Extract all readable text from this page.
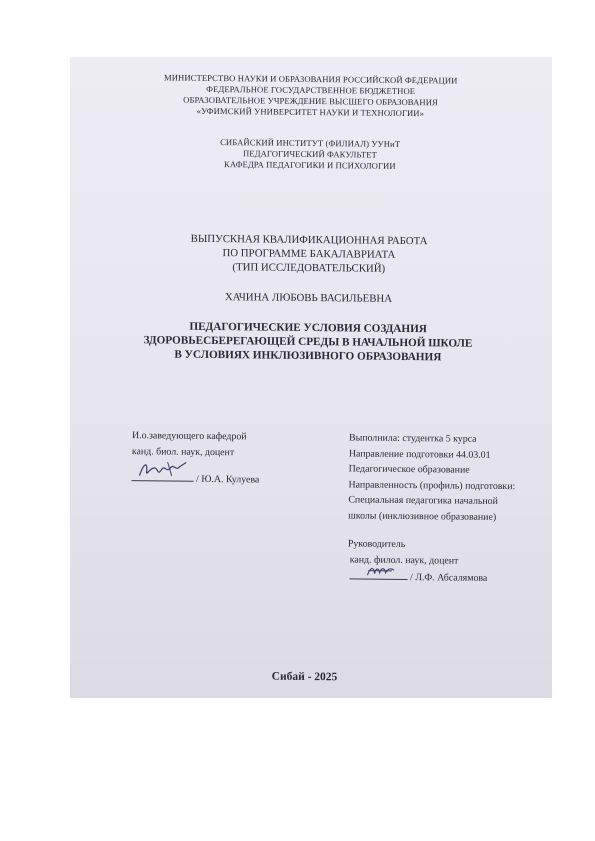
МИНИСТЕРСТВО НАУКИ И ОБРАЗОВАНИЯ РОССИЙСКОЙ ФЕДЕРАЦИИ
ФЕДЕРАЛЬНОЕ ГОСУДАРСТВЕННОЕ БЮДЖЕТНОЕ
ОБРАЗОВАТЕЛЬНОЕ УЧРЕЖДЕНИЕ ВЫСШЕГО ОБРАЗОВАНИЯ
«УФИМСКИЙ УНИВЕРСИТЕТ НАУКИ И ТЕХНОЛОГИИ»
СИБАЙСКИЙ ИНСТИТУТ (ФИЛИАЛ) УУНиТ
ПЕДАГОГИЧЕСКИЙ ФАКУЛЬТЕТ
КАФЕДРА ПЕДАГОГИКИ И ПСИХОЛОГИИ
ВЫПУСКНАЯ КВАЛИФИКАЦИОННАЯ РАБОТА
ПО ПРОГРАММЕ БАКАЛАВРИАТА
(ТИП ИССЛЕДОВАТЕЛЬСКИЙ)
ХАЧИНА ЛЮБОВЬ ВАСИЛЬЕВНА
ПЕДАГОГИЧЕСКИЕ УСЛОВИЯ СОЗДАНИЯ
ЗДОРОВЬЕСБЕРЕГАЮЩЕЙ СРЕДЫ В НАЧАЛЬНОЙ ШКОЛЕ
В УСЛОВИЯХ ИНКЛЮЗИВНОГО ОБРАЗОВАНИЯ
И.о.заведующего кафедрой
канд. биол. наук, доцент
/ Ю.А. Кулуева
Выполнила: студентка 5 курса
Направление подготовки 44.03.01
Педагогическое образование
Направленность (профиль) подготовки:
Специальная педагогика начальной
школы (инклюзивное образование)
Руководитель
канд. филол. наук, доцент
/ Л.Ф. Абсалямова
Сибай - 2025
